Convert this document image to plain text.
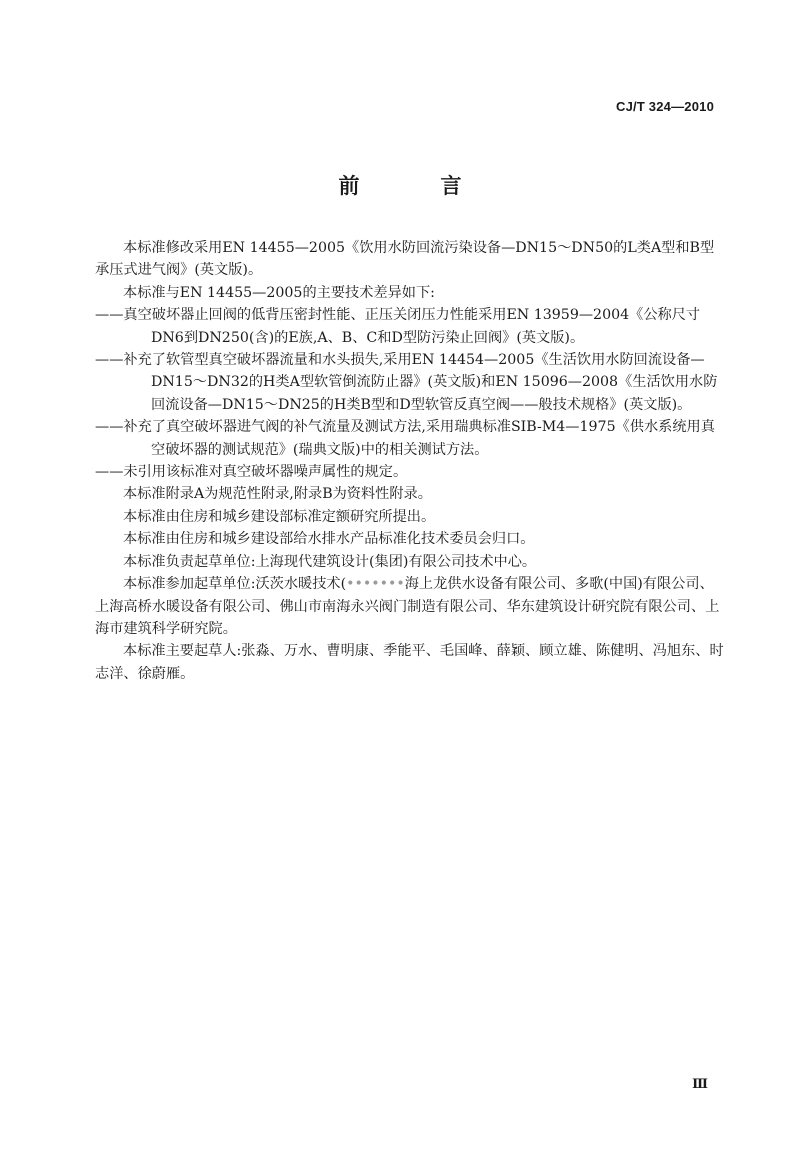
CJ/T 324—2010

前　言

本标准修改采用EN 14455—2005《饮用水防回流污染设备—DN15～DN50的L类A型和B型承压式进气阀》(英文版)。

本标准与EN 14455—2005的主要技术差异如下:

——真空破坏器止回阀的低背压密封性能、正压关闭压力性能采用EN 13959—2004《公称尺寸DN6到DN250(含)的E族,A、B、C和D型防污染止回阀》(英文版)。

——补充了软管型真空破坏器流量和水头损失,采用EN 14454—2005《生活饮用水防回流设备—DN15～DN32的H类A型软管倒流防止器》(英文版)和EN 15096—2008《生活饮用水防回流设备—DN15～DN25的H类B型和D型软管反真空阀——般技术规格》(英文版)。

——补充了真空破坏器进气阀的补气流量及测试方法,采用瑞典标准SIB-M4—1975《供水系统用真空破坏器的测试规范》(瑞典文版)中的相关测试方法。

——未引用该标准对真空破坏器噪声属性的规定。

本标准附录A为规范性附录,附录B为资料性附录。

本标准由住房和城乡建设部标准定额研究所提出。

本标准由住房和城乡建设部给水排水产品标准化技术委员会归口。

本标准负责起草单位:上海现代建筑设计(集团)有限公司技术中心。

本标准参加起草单位:沃茨水暖技术(•••••••海上龙供水设备有限公司、多歌(中国)有限公司、上海高桥水暖设备有限公司、佛山市南海永兴阀门制造有限公司、华东建筑设计研究院有限公司、上海市建筑科学研究院。

本标准主要起草人:张淼、万水、曹明康、季能平、毛国峰、薛颖、顾立雄、陈健明、冯旭东、时志洋、徐蔚雁。

Ⅲ
